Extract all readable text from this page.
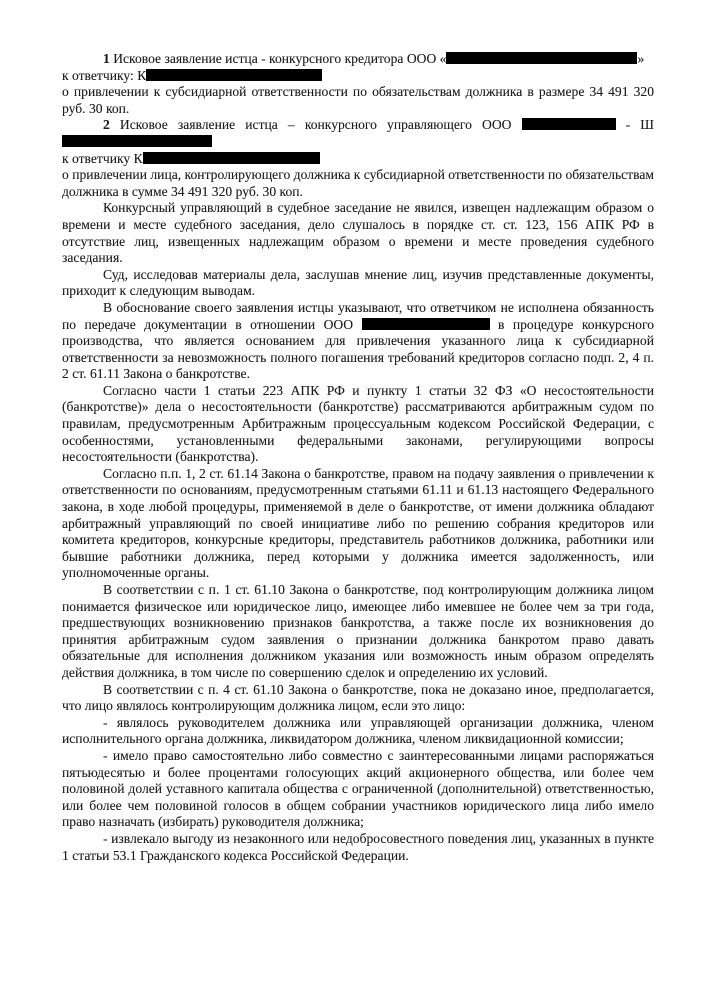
1 Исковое заявление истца - конкурсного кредитора ООО «	»

к ответчику: К

о привлечении к субсидиарной ответственности по обязательствам должника в размере 34 491 320 руб. 30 коп.

2 Исковое заявление истца – конкурсного управляющего ООО	- Ш

к ответчику К

о привлечении лица, контролирующего должника к субсидиарной ответственности по обязательствам должника в сумме 34 491 320 руб. 30 коп.

Конкурсный управляющий в судебное заседание не явился, извещен надлежащим образом о времени и месте судебного заседания, дело слушалось в порядке ст. ст. 123, 156 АПК РФ в отсутствие лиц, извещенных надлежащим образом о времени и месте проведения судебного заседания.

Суд, исследовав материалы дела, заслушав мнение лиц, изучив представленные документы, приходит к следующим выводам.

В обоснование своего заявления истцы указывают, что ответчиком не исполнена обязанность по передаче документации в отношении ООО	в процедуре конкурсного производства, что является основанием для привлечения указанного лица к субсидиарной ответственности за невозможность полного погашения требований кредиторов согласно подп. 2, 4 п. 2 ст. 61.11 Закона о банкротстве.

Согласно части 1 статьи 223 АПК РФ и пункту 1 статьи 32 ФЗ «О несостоятельности (банкротстве)» дела о несостоятельности (банкротстве) рассматриваются арбитражным судом по правилам, предусмотренным Арбитражным процессуальным кодексом Российской Федерации, с особенностями, установленными федеральными законами, регулирующими вопросы несостоятельности (банкротства).

Согласно п.п. 1, 2 ст. 61.14 Закона о банкротстве, правом на подачу заявления о привлечении к ответственности по основаниям, предусмотренным статьями 61.11 и 61.13 настоящего Федерального закона, в ходе любой процедуры, применяемой в деле о банкротстве, от имени должника обладают арбитражный управляющий по своей инициативе либо по решению собрания кредиторов или комитета кредиторов, конкурсные кредиторы, представитель работников должника, работники или бывшие работники должника, перед которыми у должника имеется задолженность, или уполномоченные органы.

В соответствии с п. 1 ст. 61.10 Закона о банкротстве, под контролирующим должника лицом понимается физическое или юридическое лицо, имеющее либо имевшее не более чем за три года, предшествующих возникновению признаков банкротства, а также после их возникновения до принятия арбитражным судом заявления о признании должника банкротом право давать обязательные для исполнения должником указания или возможность иным образом определять действия должника, в том числе по совершению сделок и определению их условий.

В соответствии с п. 4 ст. 61.10 Закона о банкротстве, пока не доказано иное, предполагается, что лицо являлось контролирующим должника лицом, если это лицо:

- являлось руководителем должника или управляющей организации должника, членом исполнительного органа должника, ликвидатором должника, членом ликвидационной комиссии;

- имело право самостоятельно либо совместно с заинтересованными лицами распоряжаться пятьюдесятью и более процентами голосующих акций акционерного общества, или более чем половиной долей уставного капитала общества с ограниченной (дополнительной) ответственностью, или более чем половиной голосов в общем собрании участников юридического лица либо имело право назначать (избирать) руководителя должника;

- извлекало выгоду из незаконного или недобросовестного поведения лиц, указанных в пункте 1 статьи 53.1 Гражданского кодекса Российской Федерации.
